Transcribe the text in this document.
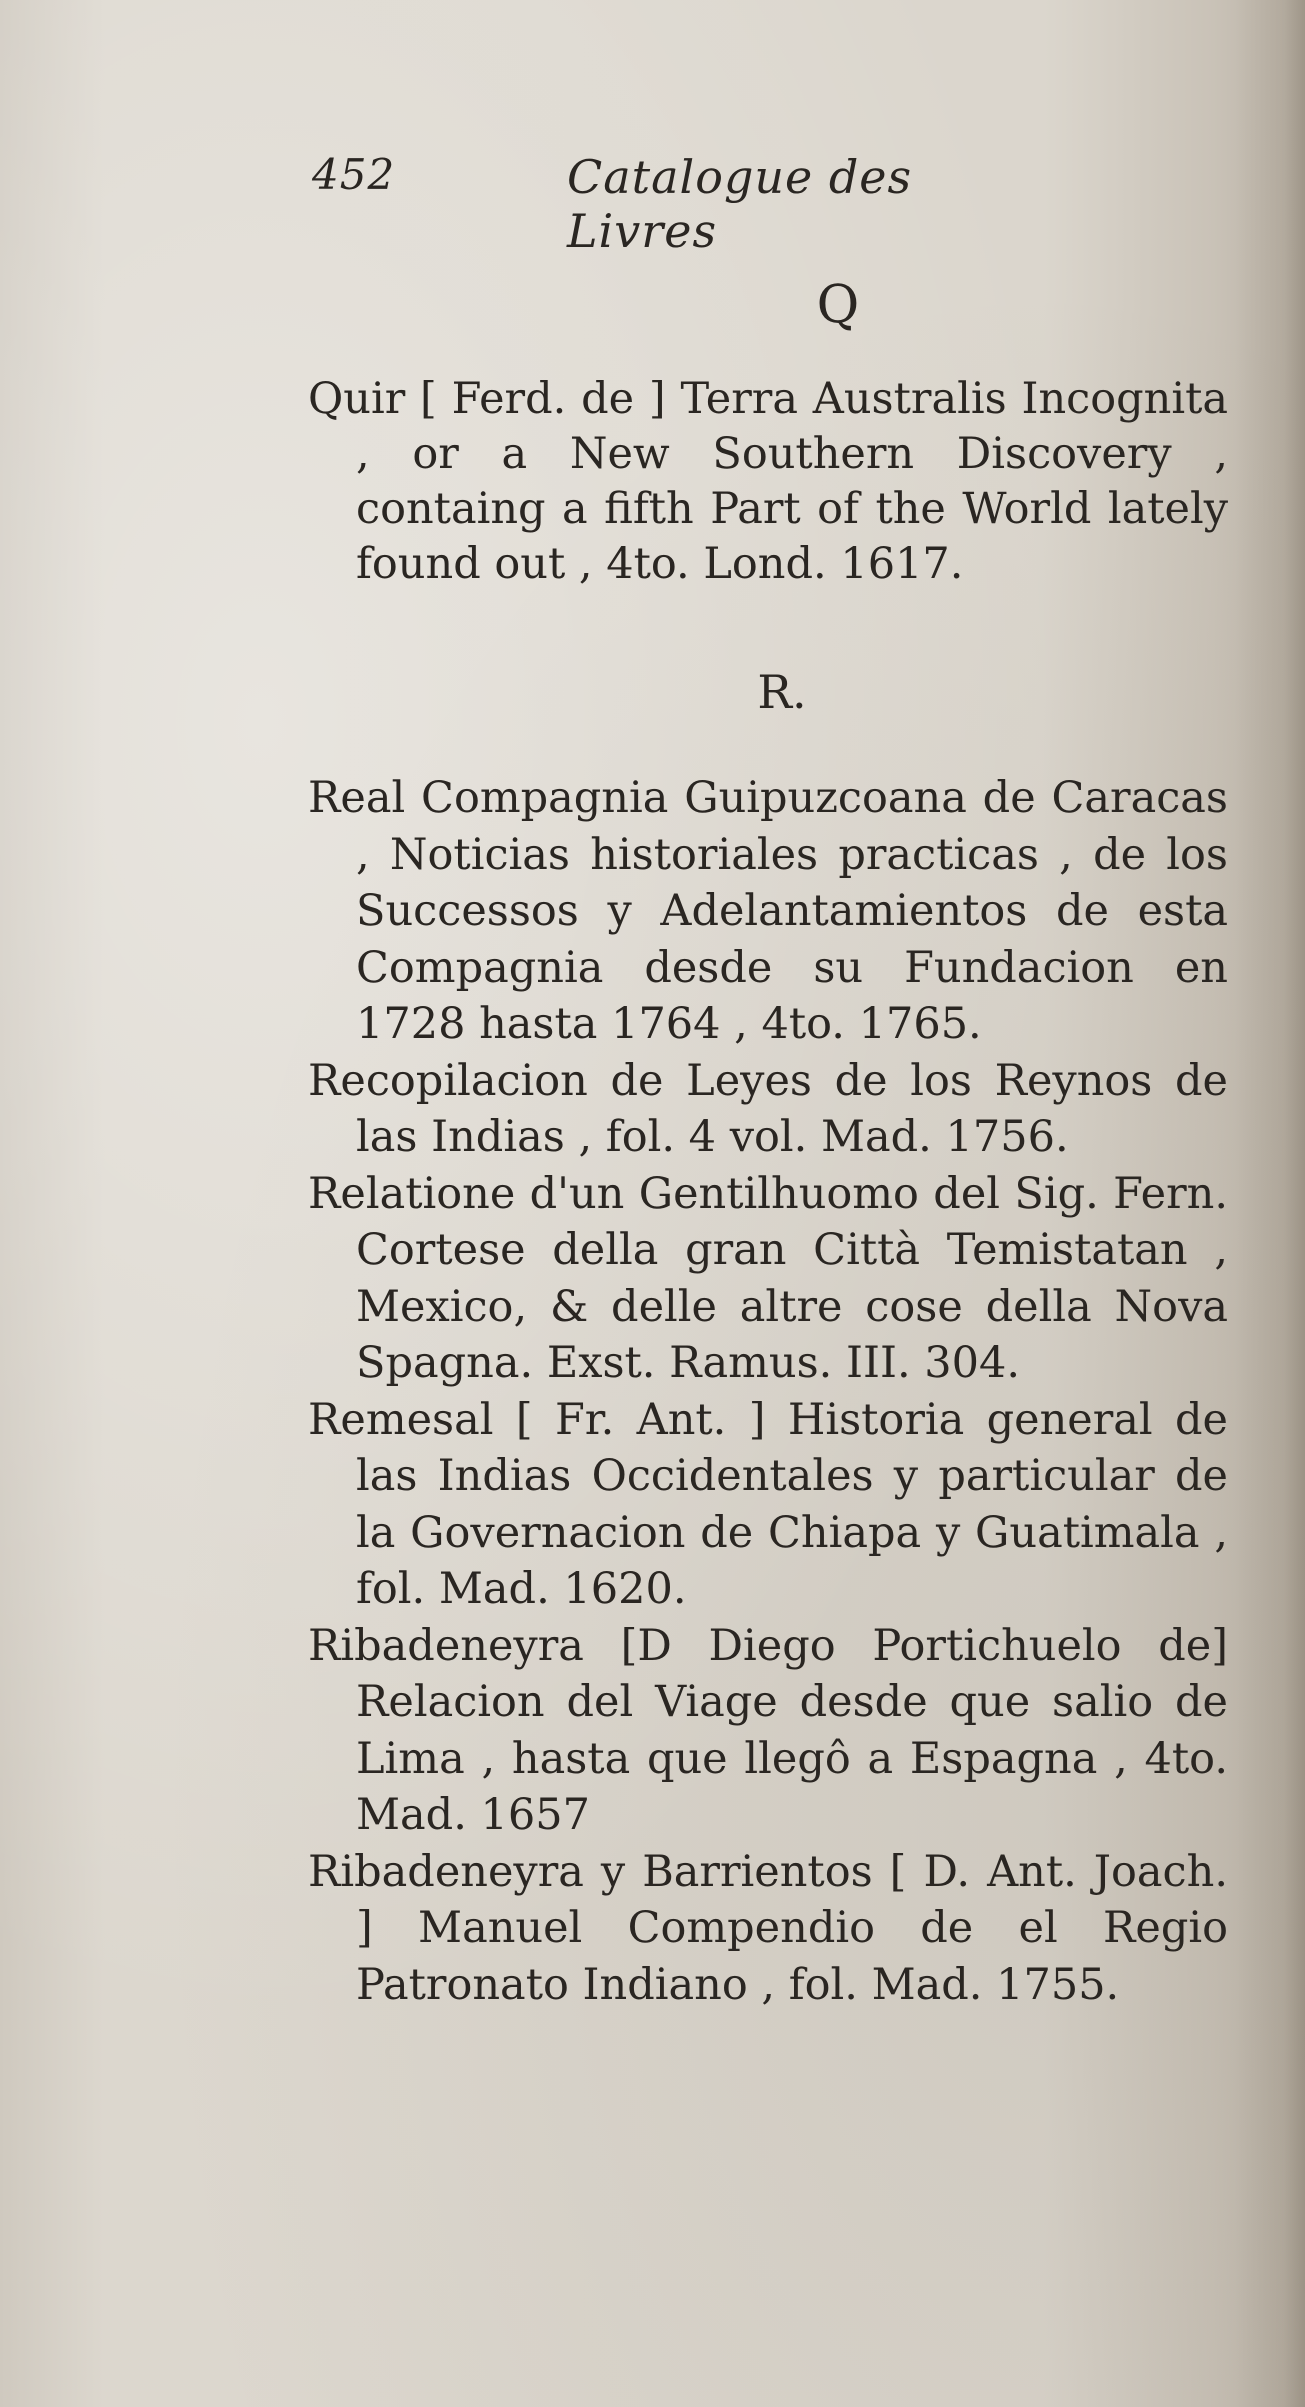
452	Catalogue des Livres
Q

Quir [ Ferd. de ] Terra Australis Incognita , or a New Southern Discovery , containg a fifth Part of the World lately found out , 4to. Lond. 1617.

R.

Real Compagnia Guipuzcoana de Caracas , Noticias historiales practicas , de los Successos y Adelantamientos de esta Compagnia desde su Fundacion en 1728 hasta 1764 , 4to. 1765.

Recopilacion de Leyes de los Reynos de las Indias , fol. 4 vol. Mad. 1756.

Relatione d'un Gentilhuomo del Sig. Fern. Cortese della gran Città Temistatan , Mexico, & delle altre cose della Nova Spagna. Exst. Ramus. III. 304.

Remesal [ Fr. Ant. ] Historia general de las Indias Occidentales y particular de la Governacion de Chiapa y Guatimala , fol. Mad. 1620.

Ribadeneyra [D Diego Portichuelo de] Relacion del Viage desde que salio de Lima , hasta que llegô a Espagna , 4to. Mad. 1657

Ribadeneyra y Barrientos [ D. Ant. Joach. ] Manuel Compendio de el Regio Patronato Indiano , fol. Mad. 1755.
